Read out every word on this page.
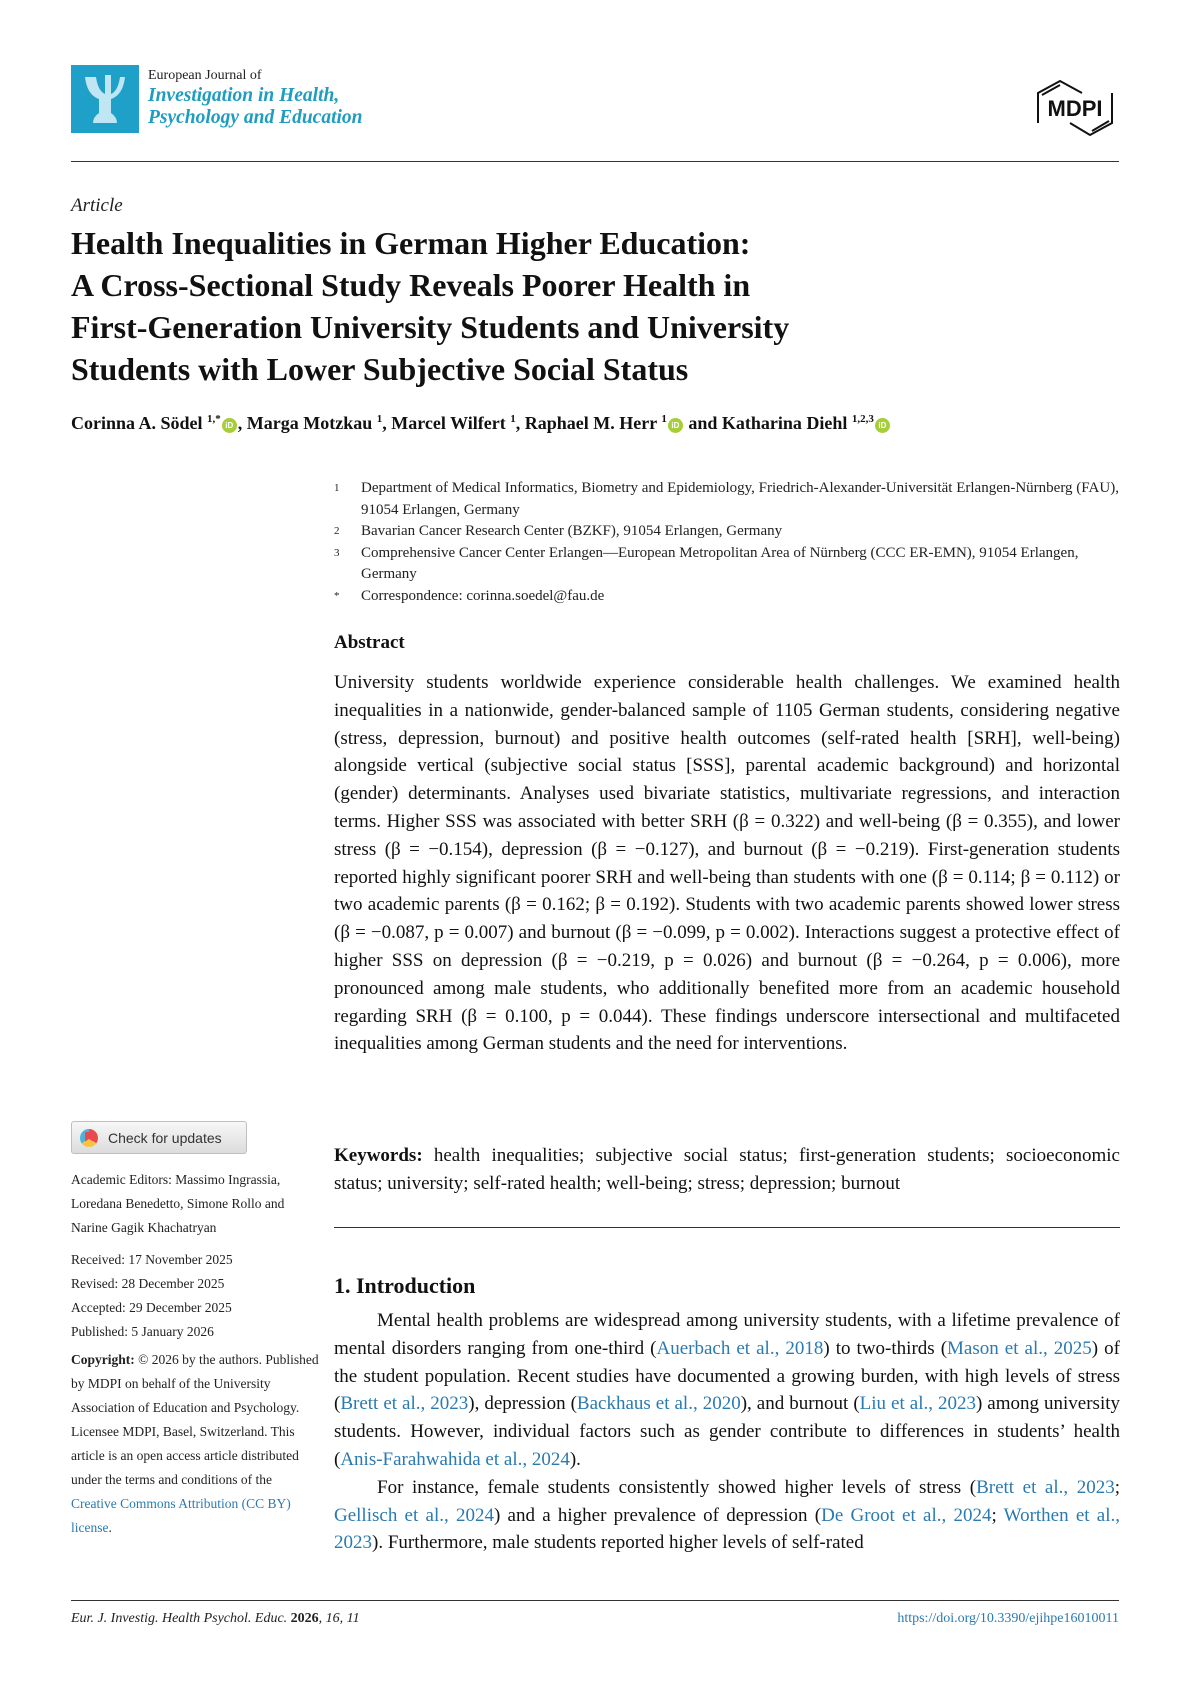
European Journal of
Investigation in Health,
Psychology and Education	MDPI
Article
Health Inequalities in German Higher Education:
A Cross-Sectional Study Reveals Poorer Health in
First-Generation University Students and University
Students with Lower Subjective Social Status
Corinna A. Södel $^{1,*}$iD , Marga Motzkau $^1$, Marcel Wilfert $^1$, Raphael M. Herr $^1$iD and Katharina Diehl $^{1,2,3}$iD
1	Department of Medical Informatics, Biometry and Epidemiology, Friedrich-Alexander-Universität Erlangen-Nürnberg (FAU), 91054 Erlangen, Germany
2	Bavarian Cancer Research Center (BZKF), 91054 Erlangen, Germany
3	Comprehensive Cancer Center Erlangen—European Metropolitan Area of Nürnberg (CCC ER-EMN), 91054 Erlangen, Germany
*	Correspondence: corinna.soedel@fau.de
Abstract
University students worldwide experience considerable health challenges. We examined health inequalities in a nationwide, gender-balanced sample of 1105 German students, considering negative (stress, depression, burnout) and positive health outcomes (self-rated health [SRH], well-being) alongside vertical (subjective social status [SSS], parental academic background) and horizontal (gender) determinants. Analyses used bivariate statistics, multivariate regressions, and interaction terms. Higher SSS was associated with better SRH (β = 0.322) and well-being (β = 0.355), and lower stress (β = −0.154), depression (β = −0.127), and burnout (β = −0.219). First-generation students reported highly significant poorer SRH and well-being than students with one (β = 0.114; β = 0.112) or two academic parents (β = 0.162; β = 0.192). Students with two academic parents showed lower stress (β = −0.087, p = 0.007) and burnout (β = −0.099, p = 0.002). Interactions suggest a protective effect of higher SSS on depression (β = −0.219, p = 0.026) and burnout (β = −0.264, p = 0.006), more pronounced among male students, who additionally benefited more from an academic household regarding SRH (β = 0.100, p = 0.044). These findings underscore intersectional and multifaceted inequalities among German students and the need for interventions.
Keywords: health inequalities; subjective social status; first-generation students; socioeconomic status; university; self-rated health; well-being; stress; depression; burnout
1. Introduction

Mental health problems are widespread among university students, with a lifetime prevalence of mental disorders ranging from one-third (Auerbach et al., 2018) to two-thirds (Mason et al., 2025) of the student population. Recent studies have documented a growing burden, with high levels of stress (Brett et al., 2023), depression (Backhaus et al., 2020), and burnout (Liu et al., 2023) among university students. However, individual factors such as gender contribute to differences in students’ health (Anis-Farahwahida et al., 2024).

For instance, female students consistently showed higher levels of stress (Brett et al., 2023; Gellisch et al., 2024) and a higher prevalence of depression (De Groot et al., 2024; Worthen et al., 2023). Furthermore, male students reported higher levels of self-rated

Check for updates
Academic Editors: Massimo Ingrassia, Loredana Benedetto, Simone Rollo and Narine Gagik Khachatryan
Received: 17 November 2025
Revised: 28 December 2025
Accepted: 29 December 2025
Published: 5 January 2026
Copyright: © 2026 by the authors. Published by MDPI on behalf of the University Association of Education and Psychology. Licensee MDPI, Basel, Switzerland. This article is an open access article distributed under the terms and conditions of the Creative Commons Attribution (CC BY) license.
Eur. J. Investig. Health Psychol. Educ. 2026, 16, 11	https://doi.org/10.3390/ejihpe16010011
